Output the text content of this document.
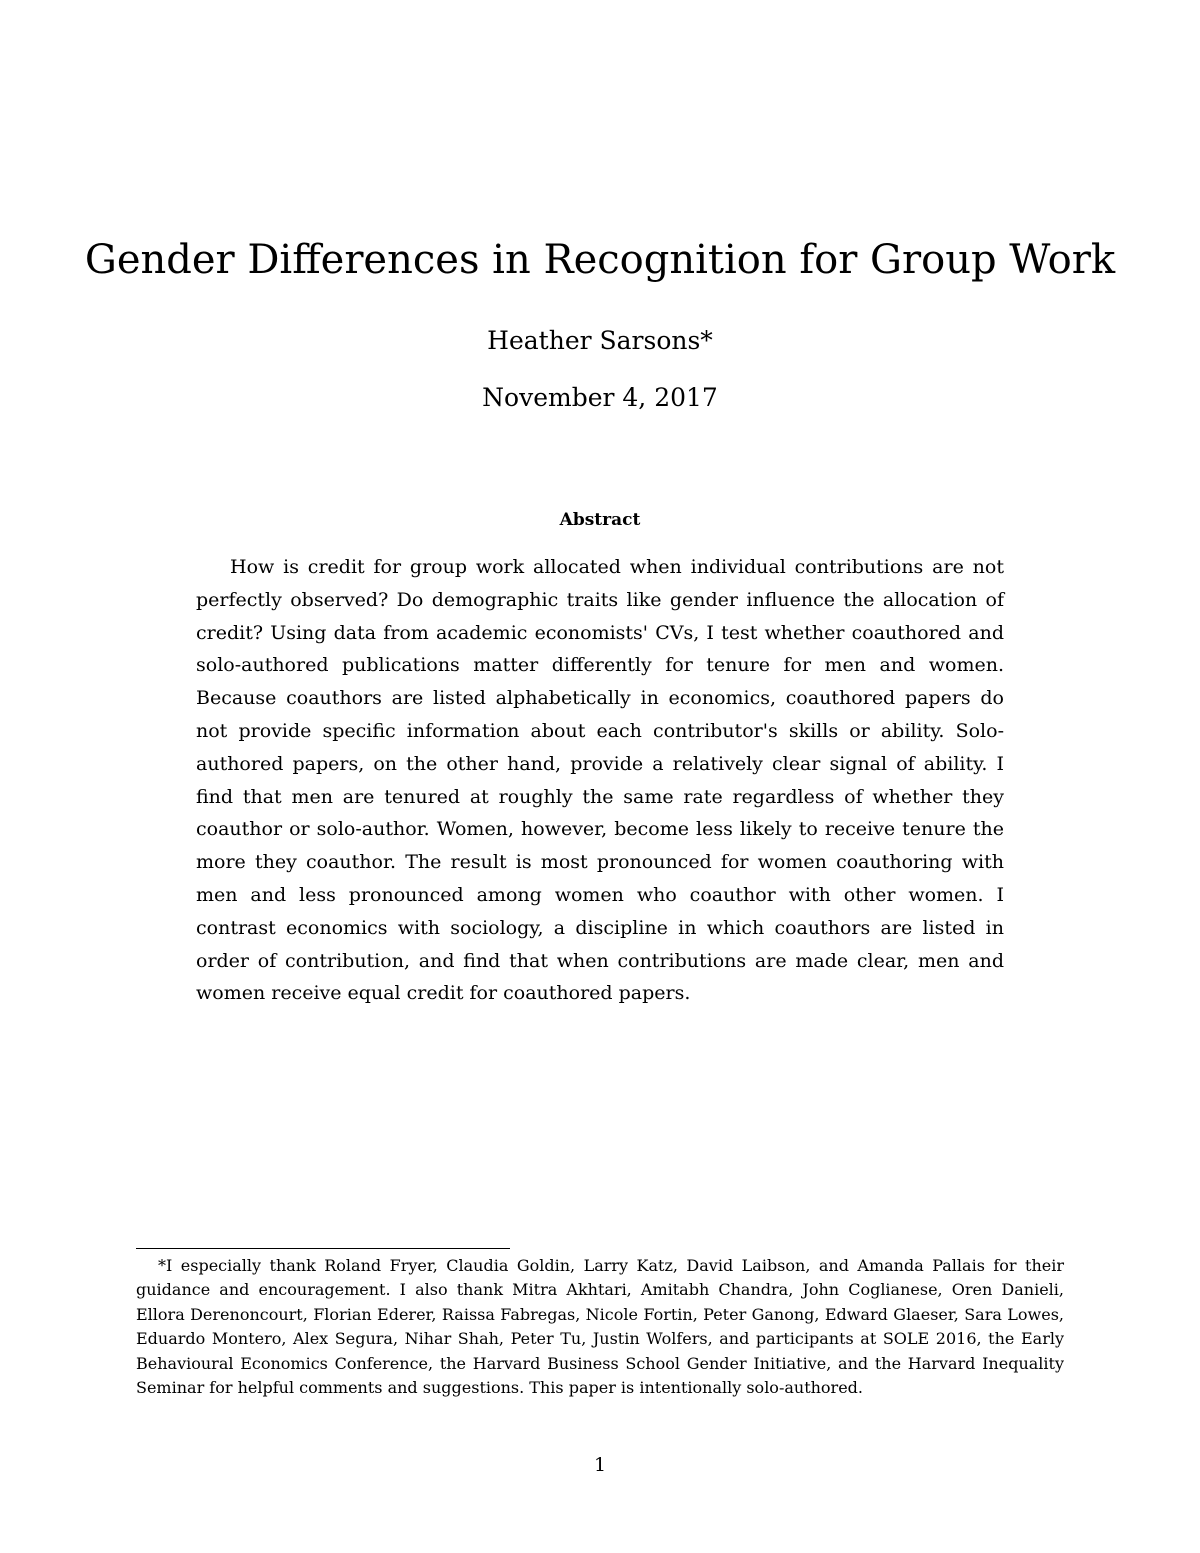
Gender Differences in Recognition for Group Work
Heather Sarsons*
November 4, 2017
Abstract

How is credit for group work allocated when individual contributions are not perfectly observed? Do demographic traits like gender influence the allocation of credit? Using data from academic economists' CVs, I test whether coauthored and solo-authored publications matter differently for tenure for men and women. Because coauthors are listed alphabetically in economics, coauthored papers do not provide specific information about each contributor's skills or ability. Solo-authored papers, on the other hand, provide a relatively clear signal of ability. I find that men are tenured at roughly the same rate regardless of whether they coauthor or solo-author. Women, however, become less likely to receive tenure the more they coauthor. The result is most pronounced for women coauthoring with men and less pronounced among women who coauthor with other women. I contrast economics with sociology, a discipline in which coauthors are listed in order of contribution, and find that when contributions are made clear, men and women receive equal credit for coauthored papers.

*I especially thank Roland Fryer, Claudia Goldin, Larry Katz, David Laibson, and Amanda Pallais for their guidance and encouragement. I also thank Mitra Akhtari, Amitabh Chandra, John Coglianese, Oren Danieli, Ellora Derenoncourt, Florian Ederer, Raissa Fabregas, Nicole Fortin, Peter Ganong, Edward Glaeser, Sara Lowes, Eduardo Montero, Alex Segura, Nihar Shah, Peter Tu, Justin Wolfers, and participants at SOLE 2016, the Early Behavioural Economics Conference, the Harvard Business School Gender Initiative, and the Harvard Inequality Seminar for helpful comments and suggestions. This paper is intentionally solo-authored.

1
